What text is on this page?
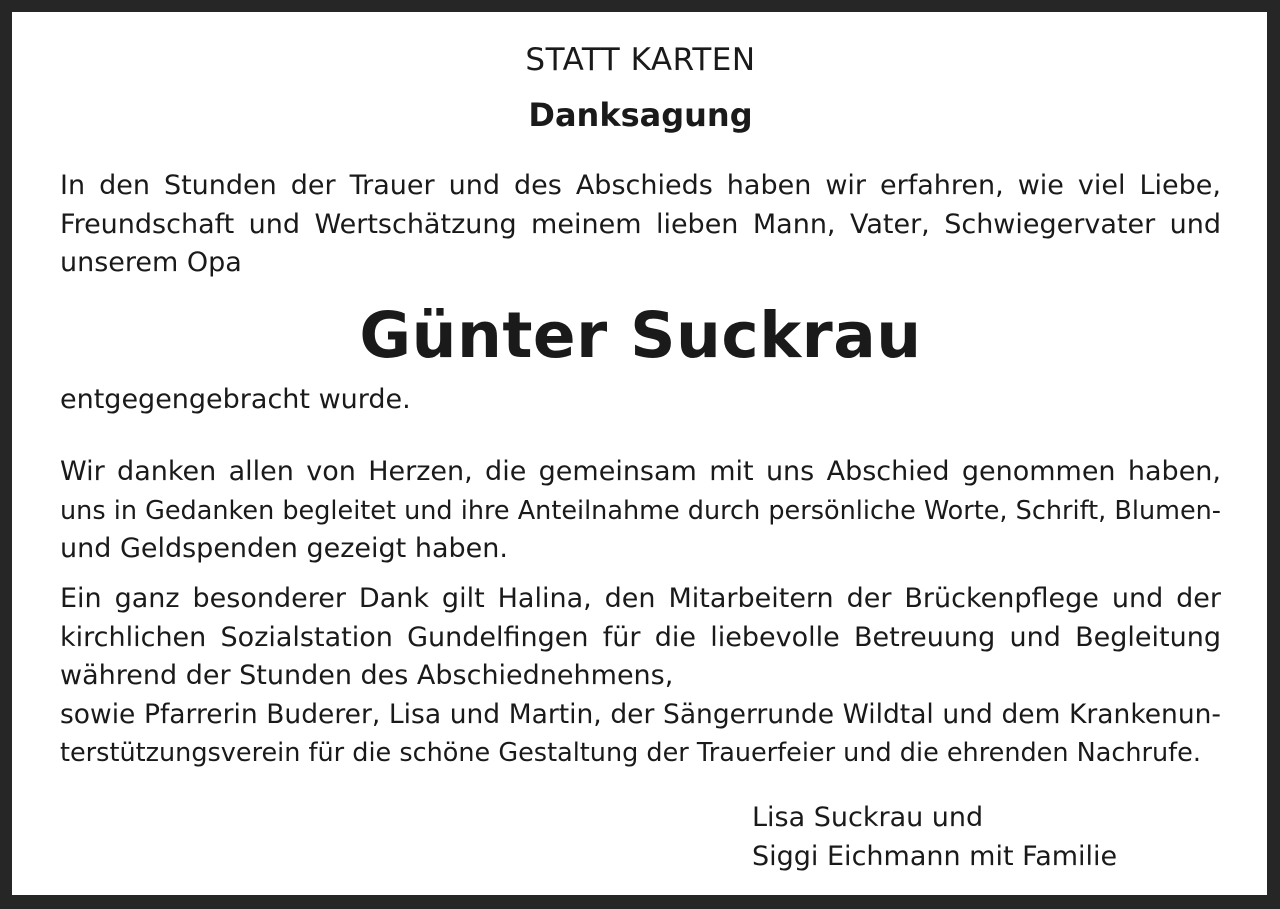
STATT KARTEN
Danksagung
In den Stunden der Trauer und des Abschieds haben wir erfahren, wie viel Liebe,
Freundschaft und Wertschätzung meinem lieben Mann, Vater, Schwiegervater und
unserem Opa
Günter Suckrau
entgegengebracht wurde.
Wir danken allen von Herzen, die gemeinsam mit uns Abschied genommen haben,
uns in Gedanken begleitet und ihre Anteilnahme durch persönliche Worte, Schrift, Blumen-
und Geldspenden gezeigt haben.
Ein ganz besonderer Dank gilt Halina, den Mitarbeitern der Brückenpflege und der
kirchlichen Sozialstation Gundelfingen für die liebevolle Betreuung und Begleitung
während der Stunden des Abschiednehmens,
sowie Pfarrerin Buderer, Lisa und Martin, der Sängerrunde Wildtal und dem Krankenun-
terstützungsverein für die schöne Gestaltung der Trauerfeier und die ehrenden Nachrufe.
Lisa Suckrau und
Siggi Eichmann mit Familie
